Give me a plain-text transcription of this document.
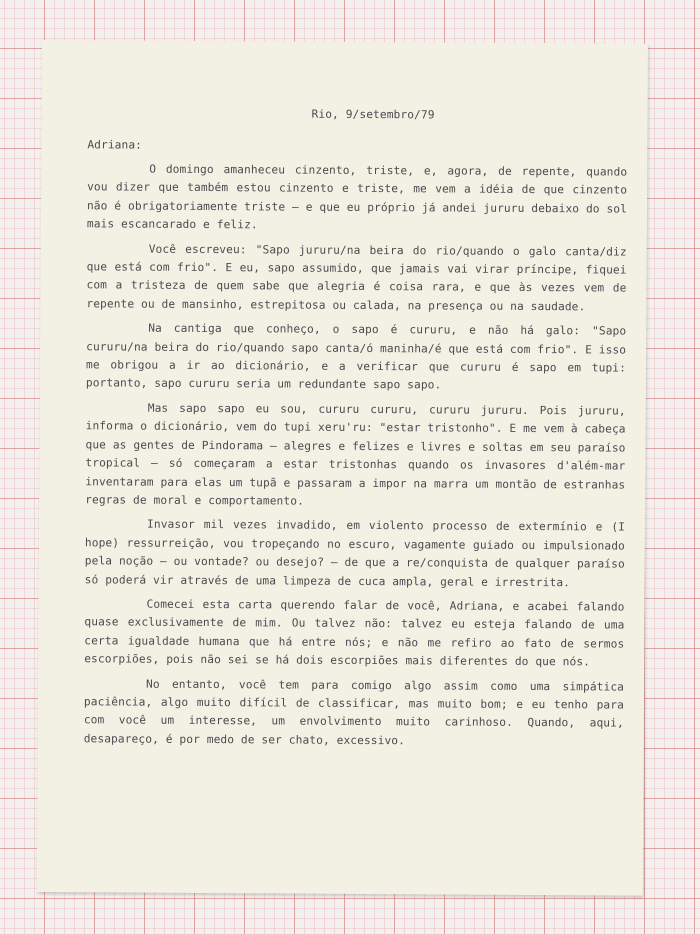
Rio, 9/setembro/79
Adriana:

O domingo amanheceu cinzento, triste, e, agora, de repente, quando vou dizer que também estou cinzento e triste, me vem a idéia de que cinzento não é obrigatoriamente triste — e que eu próprio já andei jururu debaixo do sol mais escancarado e feliz.

Você escreveu: "Sapo jururu/na beira do rio/quando o galo canta/diz que está com frio". E eu, sapo assumido, que jamais vai virar príncipe, fiquei com a tristeza de quem sabe que alegria é coisa rara, e que às vezes vem de repente ou de mansinho, estrepitosa ou calada, na presença ou na saudade.

Na cantiga que conheço, o sapo é cururu, e não há galo: "Sapo cururu/na beira do rio/quando sapo canta/ó maninha/é que está com frio". E isso me obrigou a ir ao dicionário, e a verificar que cururu é sapo em tupi: portanto, sapo cururu seria um redundante sapo sapo.

Mas sapo sapo eu sou, cururu cururu, cururu jururu. Pois jururu, informa o dicionário, vem do tupi xeru'ru: "estar tristonho". E me vem à cabeça que as gentes de Pindorama — alegres e felizes e livres e soltas em seu paraíso tropical — só começaram a estar tristonhas quando os invasores d'além-mar inventaram para elas um tupã e passaram a impor na marra um montão de estranhas regras de moral e comportamento.

Invasor mil vezes invadido, em violento processo de extermínio e (I hope) ressurreição, vou tropeçando no escuro, vagamente guiado ou impulsionado pela noção — ou vontade? ou desejo? — de que a re/conquista de qualquer paraíso só poderá vir através de uma limpeza de cuca ampla, geral e irrestrita.

Comecei esta carta querendo falar de você, Adriana, e acabei falando quase exclusivamente de mim. Ou talvez não: talvez eu esteja falando de uma certa igualdade humana que há entre nós; e não me refiro ao fato de sermos escorpiões, pois não sei se há dois escorpiões mais diferentes do que nós.

No entanto, você tem para comigo algo assim como uma simpática paciência, algo muito difícil de classificar, mas muito bom; e eu tenho para com você um interesse, um envolvimento muito carinhoso. Quando, aqui, desapareço, é por medo de ser chato, excessivo.
